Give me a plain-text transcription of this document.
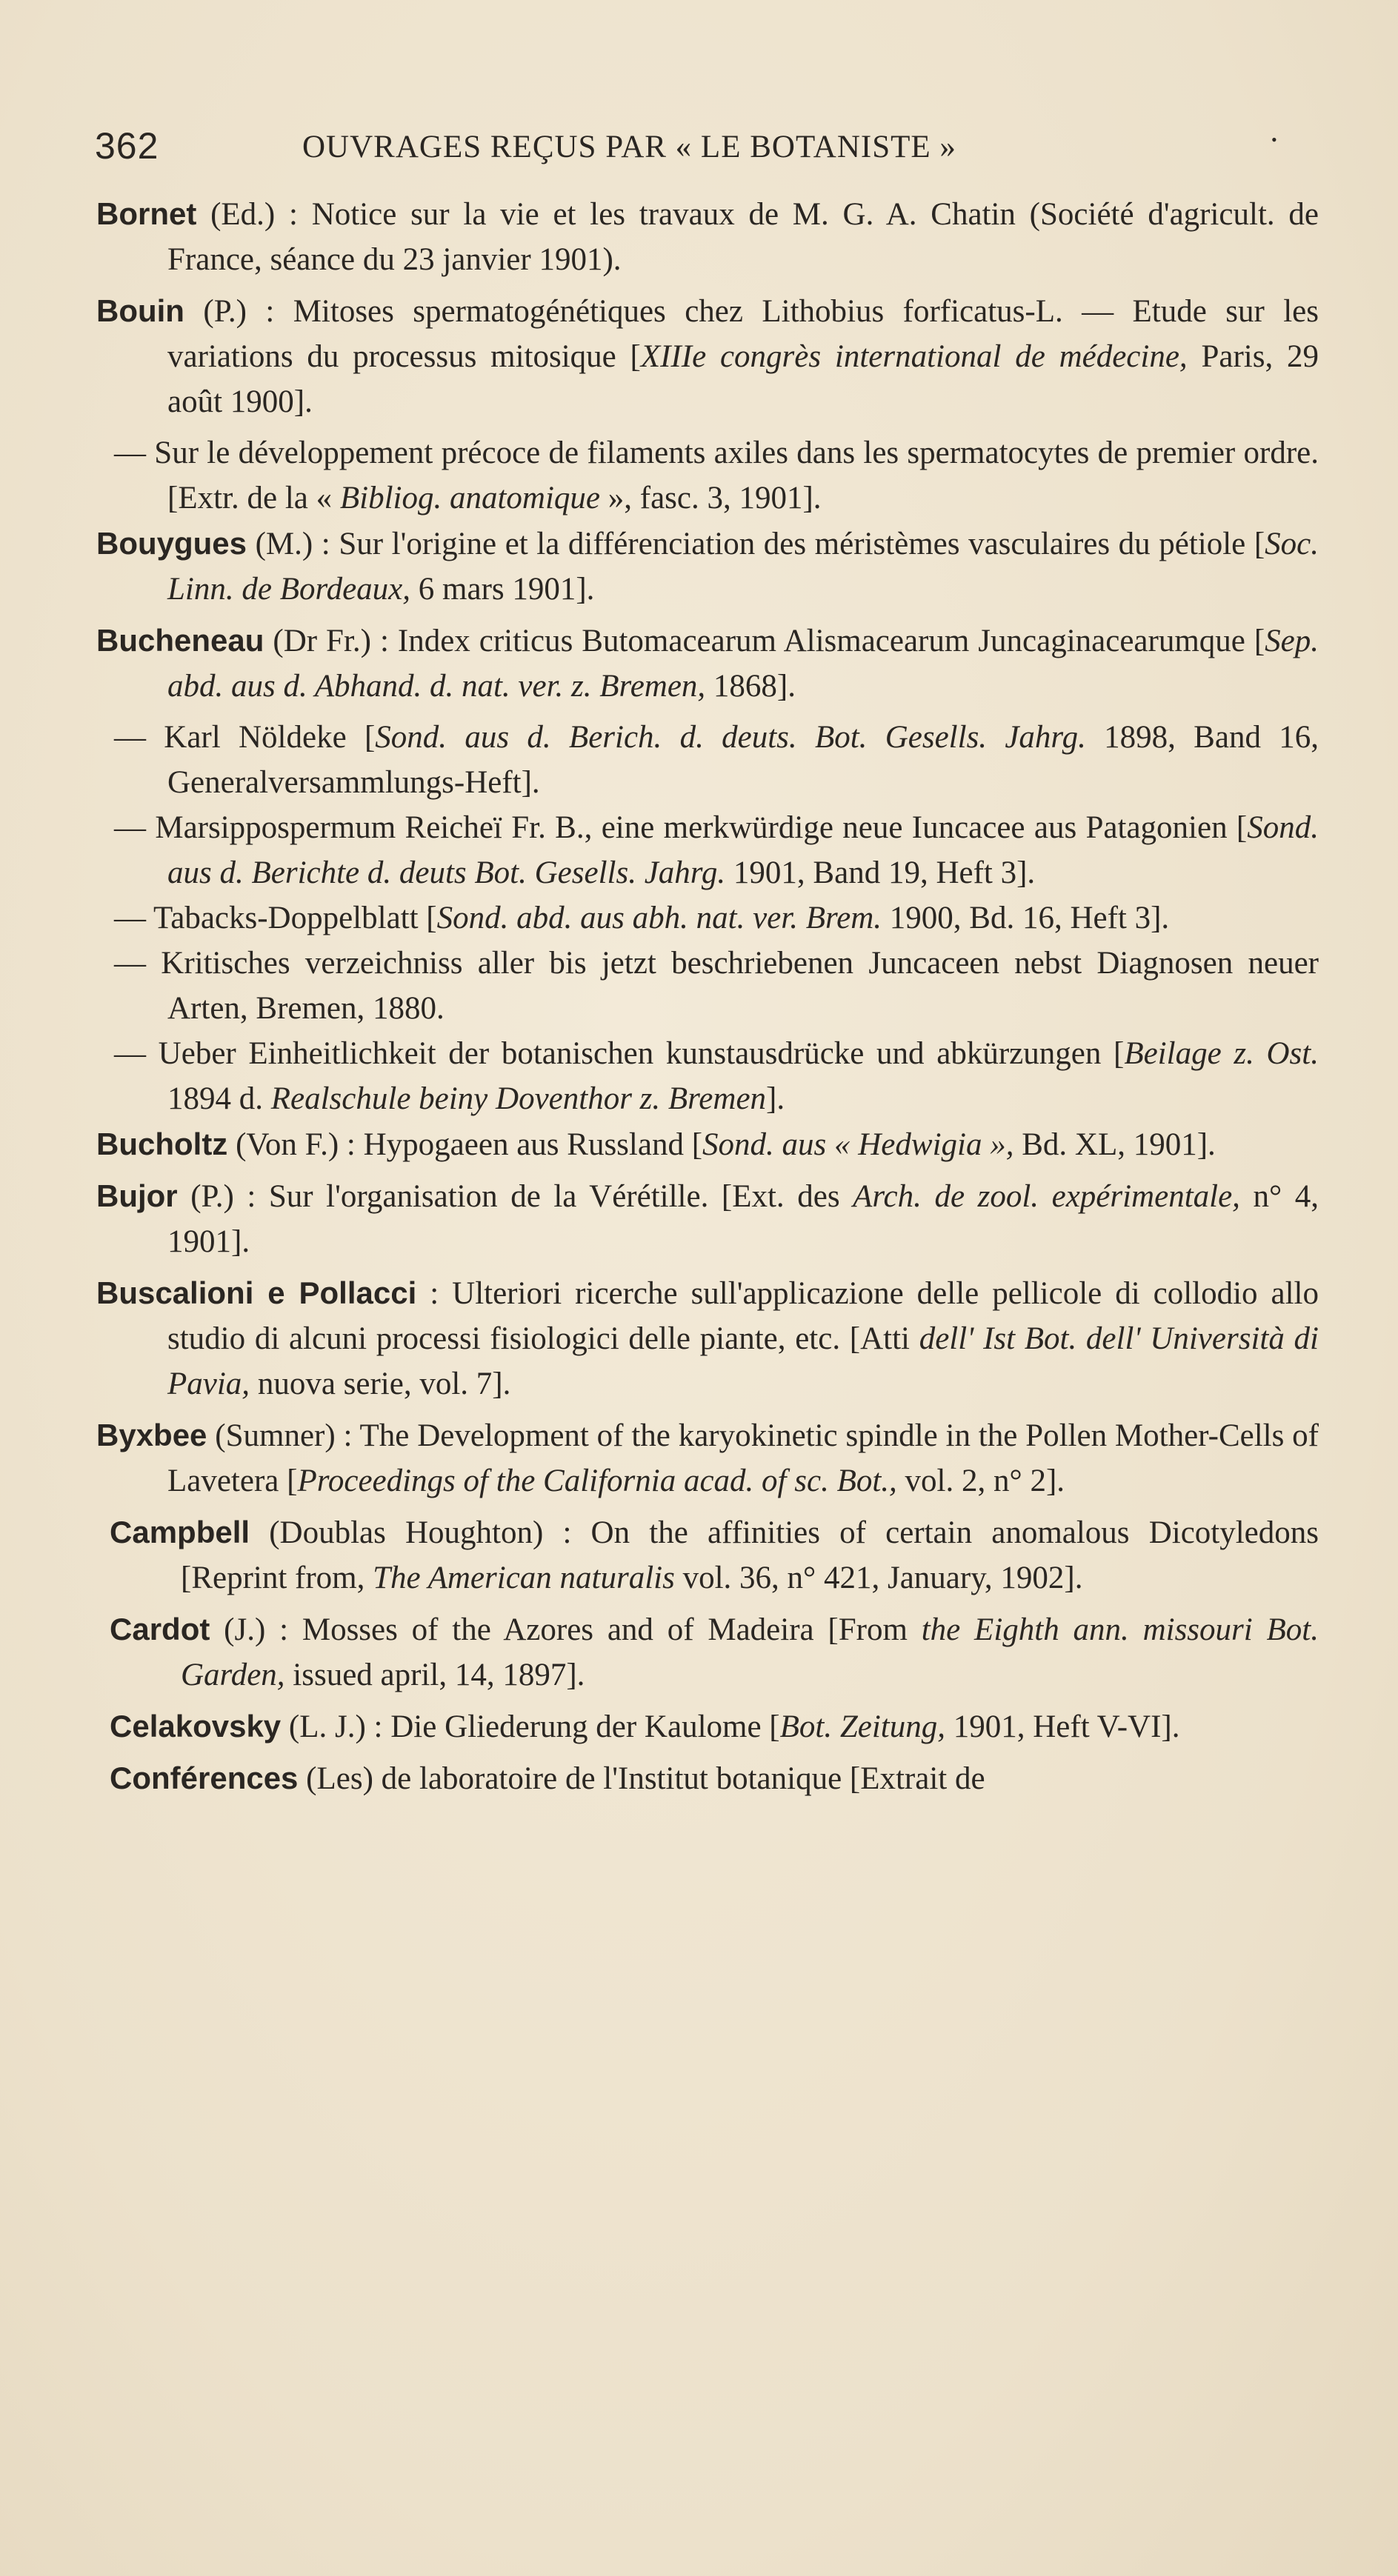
362	OUVRAGES REÇUS PAR « LE BOTANISTE »	•
Bornet (Ed.) : Notice sur la vie et les travaux de M. G. A. Chatin (Société d'agricult. de France, séance du 23 janvier 1901).
Bouin (P.) : Mitoses spermatogénétiques chez Lithobius forficatus-L. — Etude sur les variations du processus mitosique [XIIIe congrès international de médecine, Paris, 29 août 1900].
— Sur le développement précoce de filaments axiles dans les spermatocytes de premier ordre. [Extr. de la « Bibliog. anatomique », fasc. 3, 1901].
Bouygues (M.) : Sur l'origine et la différenciation des méristèmes vasculaires du pétiole [Soc. Linn. de Bordeaux, 6 mars 1901].
Bucheneau (Dr Fr.) : Index criticus Butomacearum Alismacearum Juncaginacearumque [Sep. abd. aus d. Abhand. d. nat. ver. z. Bremen, 1868].
— Karl Nöldeke [Sond. aus d. Berich. d. deuts. Bot. Gesells. Jahrg. 1898, Band 16, Generalversammlungs-Heft].
— Marsippospermum Reicheï Fr. B., eine merkwürdige neue Iuncacee aus Patagonien [Sond. aus d. Berichte d. deuts Bot. Gesells. Jahrg. 1901, Band 19, Heft 3].
— Tabacks-Doppelblatt [Sond. abd. aus abh. nat. ver. Brem. 1900, Bd. 16, Heft 3].
— Kritisches verzeichniss aller bis jetzt beschriebenen Juncaceen nebst Diagnosen neuer Arten, Bremen, 1880.
— Ueber Einheitlichkeit der botanischen kunstausdrücke und abkürzungen [Beilage z. Ost. 1894 d. Realschule beiny Doventhor z. Bremen].
Bucholtz (Von F.) : Hypogaeen aus Russland [Sond. aus « Hedwigia », Bd. XL, 1901].
Bujor (P.) : Sur l'organisation de la Vérétille. [Ext. des Arch. de zool. expérimentale, n° 4, 1901].
Buscalioni e Pollacci : Ulteriori ricerche sull'applicazione delle pellicole di collodio allo studio di alcuni processi fisiologici delle piante, etc. [Atti dell' Ist Bot. dell' Università di Pavia, nuova serie, vol. 7].
Byxbee (Sumner) : The Development of the karyokinetic spindle in the Pollen Mother-Cells of Lavetera [Proceedings of the California acad. of sc. Bot., vol. 2, n° 2].
Campbell (Doublas Houghton) : On the affinities of certain anomalous Dicotyledons [Reprint from, The American naturalis vol. 36, n° 421, January, 1902].
Cardot (J.) : Mosses of the Azores and of Madeira [From the Eighth ann. missouri Bot. Garden, issued april, 14, 1897].
Celakovsky (L. J.) : Die Gliederung der Kaulome [Bot. Zeitung, 1901, Heft V-VI].
Conférences (Les) de laboratoire de l'Institut botanique [Extrait de
